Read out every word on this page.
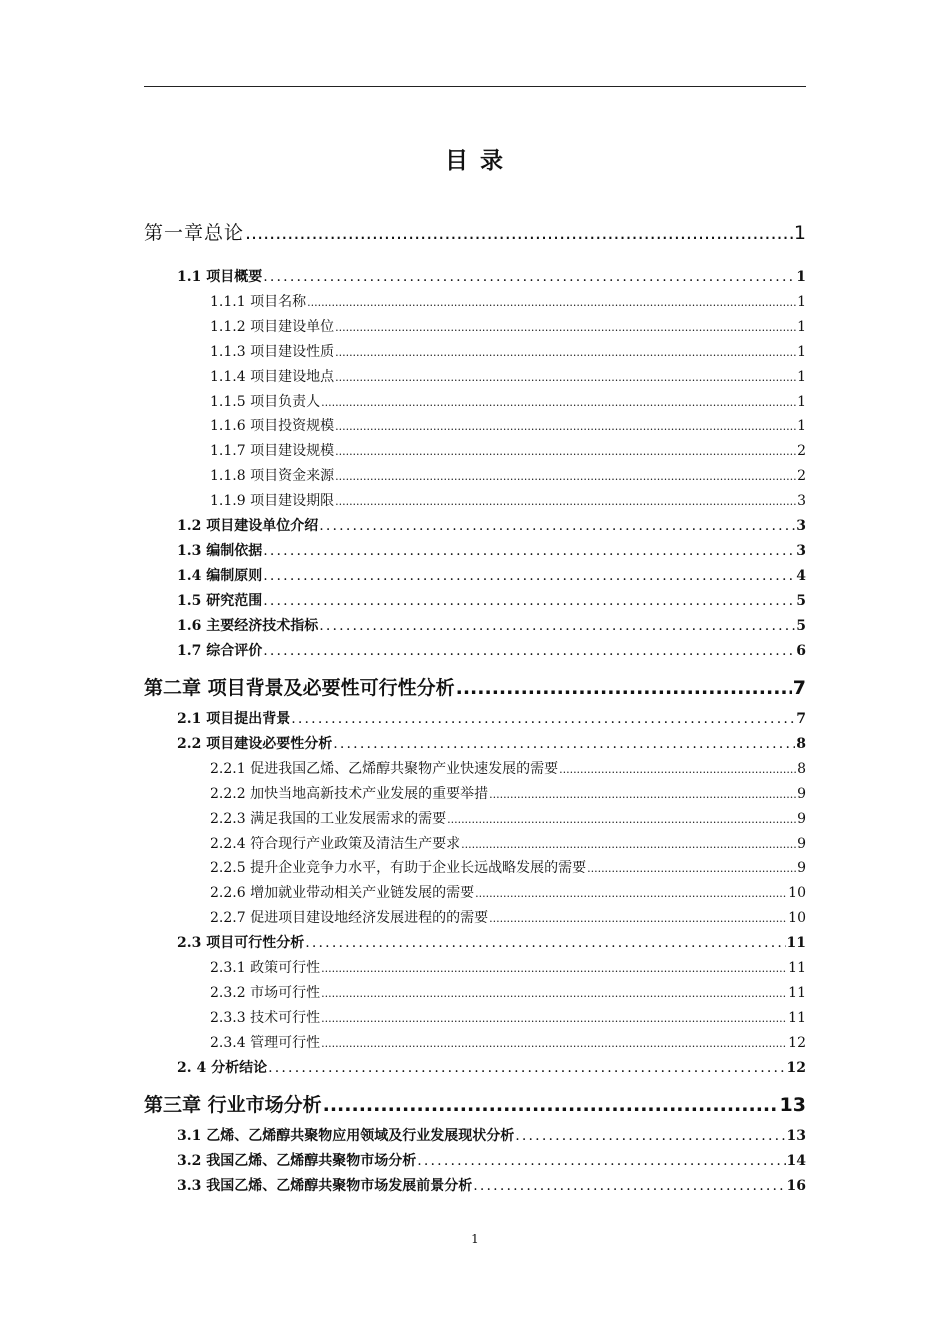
目 录
第一章总论 .....	1
1.1 项目概要 .....	1
1.1.1 项目名称 .....	1
1.1.2 项目建设单位 .....	1
1.1.3 项目建设性质 .....	1
1.1.4 项目建设地点 .....	1
1.1.5 项目负责人 .....	1
1.1.6 项目投资规模 .....	1
1.1.7 项目建设规模 .....	2
1.1.8 项目资金来源 .....	2
1.1.9 项目建设期限 .....	3
1.2 项目建设单位介绍 .....	3
1.3 编制依据 .....	3
1.4 编制原则 .....	4
1.5 研究范围 .....	5
1.6 主要经济技术指标 .....	5
1.7 综合评价 .....	6
第二章 项目背景及必要性可行性分析 .....	7
2.1 项目提出背景 .....	7
2.2 项目建设必要性分析 .....	8
2.2.1 促进我国乙烯、乙烯醇共聚物产业快速发展的需要 .....	8
2.2.2 加快当地高新技术产业发展的重要举措 .....	9
2.2.3 满足我国的工业发展需求的需要 .....	9
2.2.4 符合现行产业政策及清洁生产要求 .....	9
2.2.5 提升企业竞争力水平，有助于企业长远战略发展的需要 .....	9
2.2.6 增加就业带动相关产业链发展的需要 .....	10
2.2.7 促进项目建设地经济发展进程的的需要 .....	10
2.3 项目可行性分析 .....	11
2.3.1 政策可行性 .....	11
2.3.2 市场可行性 .....	11
2.3.3 技术可行性 .....	11
2.3.4 管理可行性 .....	12
2. 4 分析结论 .....	12
第三章 行业市场分析 .....	13
3.1 乙烯、乙烯醇共聚物应用领域及行业发展现状分析 .....	13
3.2 我国乙烯、乙烯醇共聚物市场分析 .....	14
3.3 我国乙烯、乙烯醇共聚物市场发展前景分析 .....	16
1
